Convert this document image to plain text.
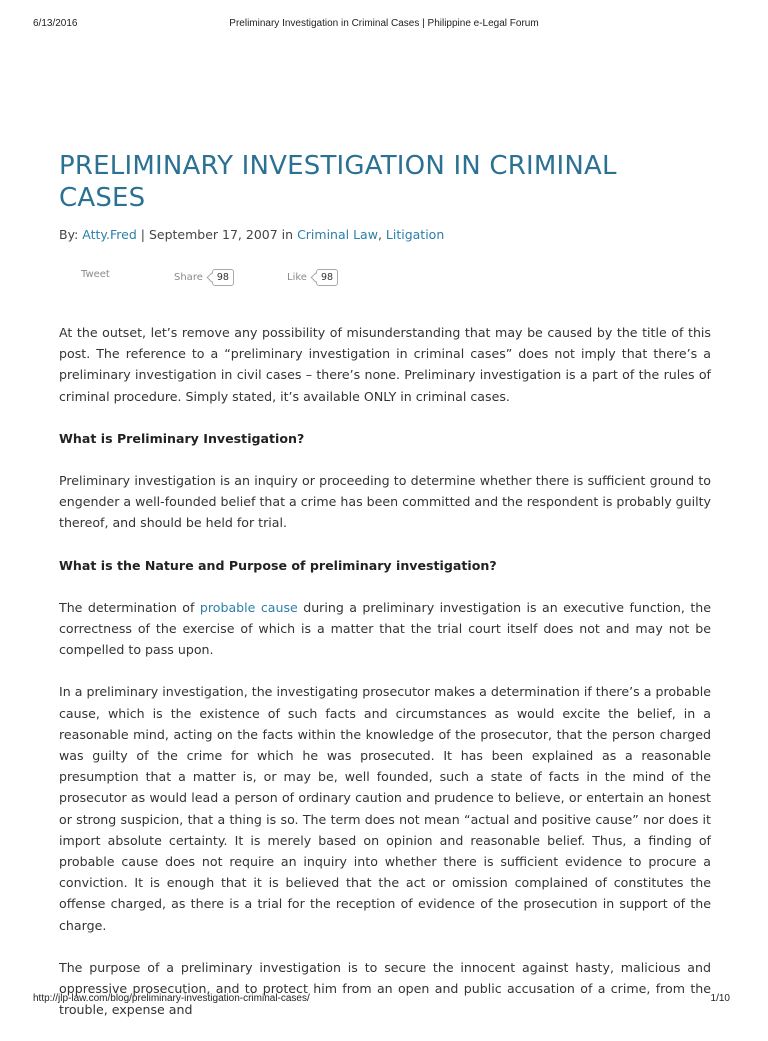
6/13/2016	Preliminary Investigation in Criminal Cases | Philippine e-Legal Forum
PRELIMINARY INVESTIGATION IN CRIMINAL CASES
By: Atty.Fred | September 17, 2007 in Criminal Law, Litigation
Tweet	Share	98	Like	98

At the outset, let’s remove any possibility of misunderstanding that may be caused by the title of this post. The reference to a “preliminary investigation in criminal cases” does not imply that there’s a preliminary investigation in civil cases – there’s none. Preliminary investigation is a part of the rules of criminal procedure. Simply stated, it’s available ONLY in criminal cases.

What is Preliminary Investigation?

Preliminary investigation is an inquiry or proceeding to determine whether there is sufficient ground to engender a well-founded belief that a crime has been committed and the respondent is probably guilty thereof, and should be held for trial.

What is the Nature and Purpose of preliminary investigation?

The determination of probable cause during a preliminary investigation is an executive function, the correctness of the exercise of which is a matter that the trial court itself does not and may not be compelled to pass upon.

In a preliminary investigation, the investigating prosecutor makes a determination if there’s a probable cause, which is the existence of such facts and circumstances as would excite the belief, in a reasonable mind, acting on the facts within the knowledge of the prosecutor, that the person charged was guilty of the crime for which he was prosecuted. It has been explained as a reasonable presumption that a matter is, or may be, well founded, such a state of facts in the mind of the prosecutor as would lead a person of ordinary caution and prudence to believe, or entertain an honest or strong suspicion, that a thing is so. The term does not mean “actual and positive cause” nor does it import absolute certainty. It is merely based on opinion and reasonable belief. Thus, a finding of probable cause does not require an inquiry into whether there is sufficient evidence to procure a conviction. It is enough that it is believed that the act or omission complained of constitutes the offense charged, as there is a trial for the reception of evidence of the prosecution in support of the charge.

The purpose of a preliminary investigation is to secure the innocent against hasty, malicious and oppressive prosecution, and to protect him from an open and public accusation of a crime, from the trouble, expense and

http://jlp-law.com/blog/preliminary-investigation-criminal-cases/	1/10
